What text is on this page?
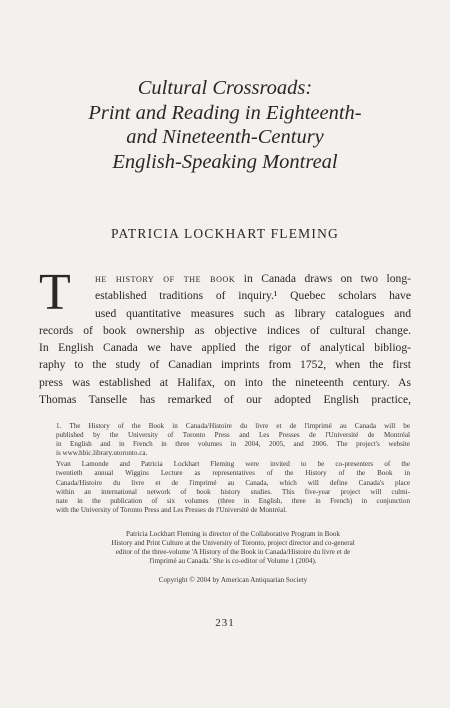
Cultural Crossroads:
Print and Reading in Eighteenth-
and Nineteenth-Century
English-Speaking Montreal
PATRICIA LOCKHART FLEMING
T	he history of the book in Canada draws on two long-
established traditions of inquiry.¹ Quebec scholars have
used quantitative measures such as library catalogues and
records of book ownership as objective indices of cultural change.
In English Canada we have applied the rigor of analytical bibliog-
raphy to the study of Canadian imprints from 1752, when the first
press was established at Halifax, on into the nineteenth century. As
Thomas Tanselle has remarked of our adopted English practice,
1. The History of the Book in Canada/Histoire du livre et de l'imprimé au Canada will be
published by the University of Toronto Press and Les Presses de l'Université de Montréal
in English and in French in three volumes in 2004, 2005, and 2006. The project's website
is www.hbic.library.utoronto.ca.
Yvan Lamonde and Patricia Lockhart Fleming were invited to be co-presenters of the
twentieth annual Wiggins Lecture as representatives of the History of the Book in
Canada/Histoire du livre et de l'imprimé au Canada, which will define Canada's place
within an international network of book history studies. This five-year project will culmi-
nate in the publication of six volumes (three in English, three in French) in conjunction
with the University of Toronto Press and Les Presses de l'Université de Montréal.
Patricia Lockhart Fleming is director of the Collaborative Program in Book
History and Print Culture at the University of Toronto, project director and co-general
editor of the three-volume 'A History of the Book in Canada/Histoire du livre et de
l'imprimé au Canada.' She is co-editor of Volume 1 (2004).
Copyright © 2004 by American Antiquarian Society
231
